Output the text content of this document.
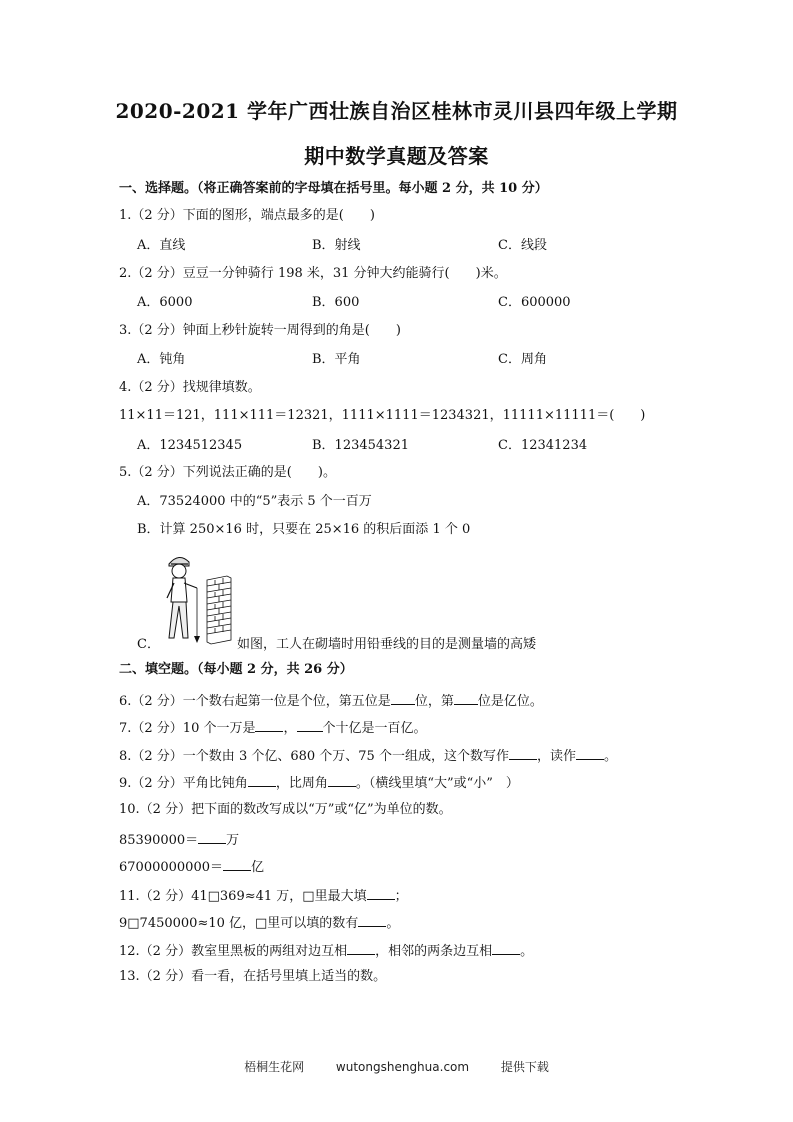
2020-2021 学年广西壮族自治区桂林市灵川县四年级上学期
期中数学真题及答案
一、选择题。（将正确答案前的字母填在括号里。每小题 2 分，共 10 分）
1.（2 分）下面的图形，端点最多的是(　　)
A．直线	B．射线	C．线段
2.（2 分）豆豆一分钟骑行 198 米，31 分钟大约能骑行(　　)米。
A．6000	B．600	C．600000
3.（2 分）钟面上秒针旋转一周得到的角是(　　)
A．钝角	B．平角	C．周角
4.（2 分）找规律填数。
11×11＝121，111×111＝12321，1111×1111＝1234321，11111×11111＝(　　)
A．1234512345	B．123454321	C．12341234
5.（2 分）下列说法正确的是(　　)。
A．73524000 中的“5”表示 5 个一百万
B．计算 250×16 时，只要在 25×16 的积后面添 1 个 0
C．	如图，工人在砌墙时用铅垂线的目的是测量墙的高矮
二、填空题。（每小题 2 分，共 26 分）
6.（2 分）一个数右起第一位是个位，第五位是 位，第 位是亿位。
7.（2 分）10 个一万是 ， 个十亿是一百亿。
8.（2 分）一个数由 3 个亿、680 个万、75 个一组成，这个数写作 ，读作 。
9.（2 分）平角比钝角 ，比周角 。（横线里填“大”或“小”　）
10.（2 分）把下面的数改写成以“万”或“亿”为单位的数。
85390000＝ 万
67000000000＝ 亿
11.（2 分）41□369≈41 万，□里最大填 ；
9□7450000≈10 亿，□里可以填的数有 。
12.（2 分）教室里黑板的两组对边互相 ，相邻的两条边互相 。
13.（2 分）看一看，在括号里填上适当的数。
梧桐生花网	wutongshenghua.com	提供下载
